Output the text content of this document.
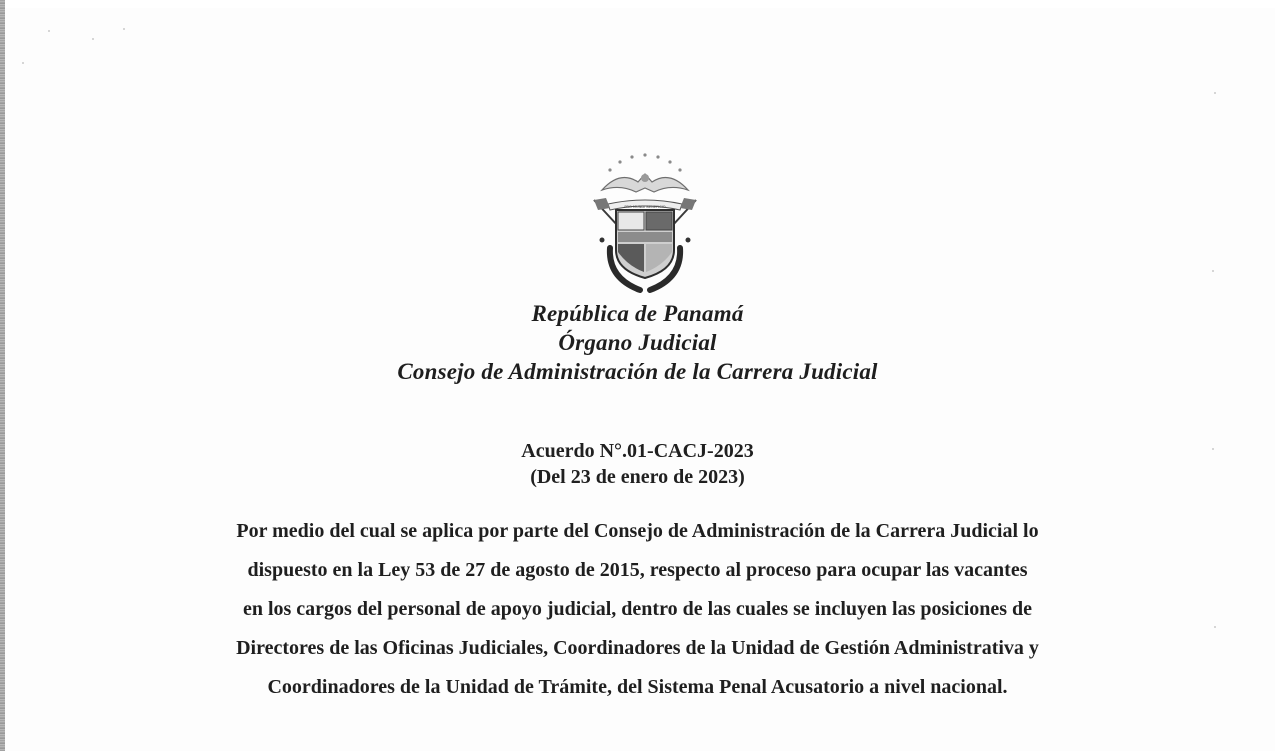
PRO MUNDI BENEFICIO
República de Panamá
Órgano Judicial
Consejo de Administración de la Carrera Judicial
Acuerdo N°.01-CACJ-2023
(Del 23 de enero de 2023)
Por medio del cual se aplica por parte del Consejo de Administración de la Carrera Judicial lo
dispuesto en la Ley 53 de 27 de agosto de 2015, respecto al proceso para ocupar las vacantes
en los cargos del personal de apoyo judicial, dentro de las cuales se incluyen las posiciones de
Directores de las Oficinas Judiciales, Coordinadores de la Unidad de Gestión Administrativa y
Coordinadores de la Unidad de Trámite, del Sistema Penal Acusatorio a nivel nacional.
